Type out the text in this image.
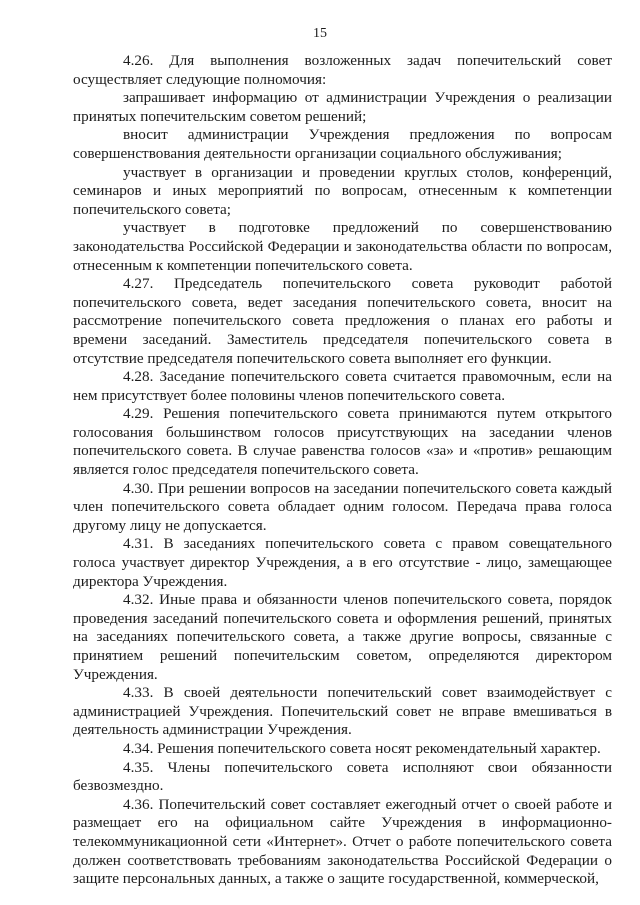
15

4.26. Для выполнения возложенных задач попечительский совет осуществляет следующие полномочия:

запрашивает информацию от администрации Учреждения о реализации принятых попечительским советом решений;

вносит администрации Учреждения предложения по вопросам совершенствования деятельности организации социального обслуживания;

участвует в организации и проведении круглых столов, конференций, семинаров и иных мероприятий по вопросам, отнесенным к компетенции попечительского совета;

участвует в подготовке предложений по совершенствованию законодательства Российской Федерации и законодательства области по вопросам, отнесенным к компетенции попечительского совета.

4.27. Председатель попечительского совета руководит работой попечительского совета, ведет заседания попечительского совета, вносит на рассмотрение попечительского совета предложения о планах его работы и времени заседаний. Заместитель председателя попечительского совета в отсутствие председателя попечительского совета выполняет его функции.

4.28. Заседание попечительского совета считается правомочным, если на нем присутствует более половины членов попечительского совета.

4.29. Решения попечительского совета принимаются путем открытого голосования большинством голосов присутствующих на заседании членов попечительского совета. В случае равенства голосов «за» и «против» решающим является голос председателя попечительского совета.

4.30. При решении вопросов на заседании попечительского совета каждый член попечительского совета обладает одним голосом. Передача права голоса другому лицу не допускается.

4.31. В заседаниях попечительского совета с правом совещательного голоса участвует директор Учреждения, а в его отсутствие - лицо, замещающее директора Учреждения.

4.32. Иные права и обязанности членов попечительского совета, порядок проведения заседаний попечительского совета и оформления решений, принятых на заседаниях попечительского совета, а также другие вопросы, связанные с принятием решений попечительским советом, определяются директором Учреждения.

4.33. В своей деятельности попечительский совет взаимодействует с администрацией Учреждения. Попечительский совет не вправе вмешиваться в деятельность администрации Учреждения.

4.34. Решения попечительского совета носят рекомендательный характер.

4.35. Члены попечительского совета исполняют свои обязанности безвозмездно.

4.36. Попечительский совет составляет ежегодный отчет о своей работе и размещает его на официальном сайте Учреждения в информационно-телекоммуникационной сети «Интернет». Отчет о работе попечительского совета должен соответствовать требованиям законодательства Российской Федерации о защите персональных данных, а также о защите государственной, коммерческой,
